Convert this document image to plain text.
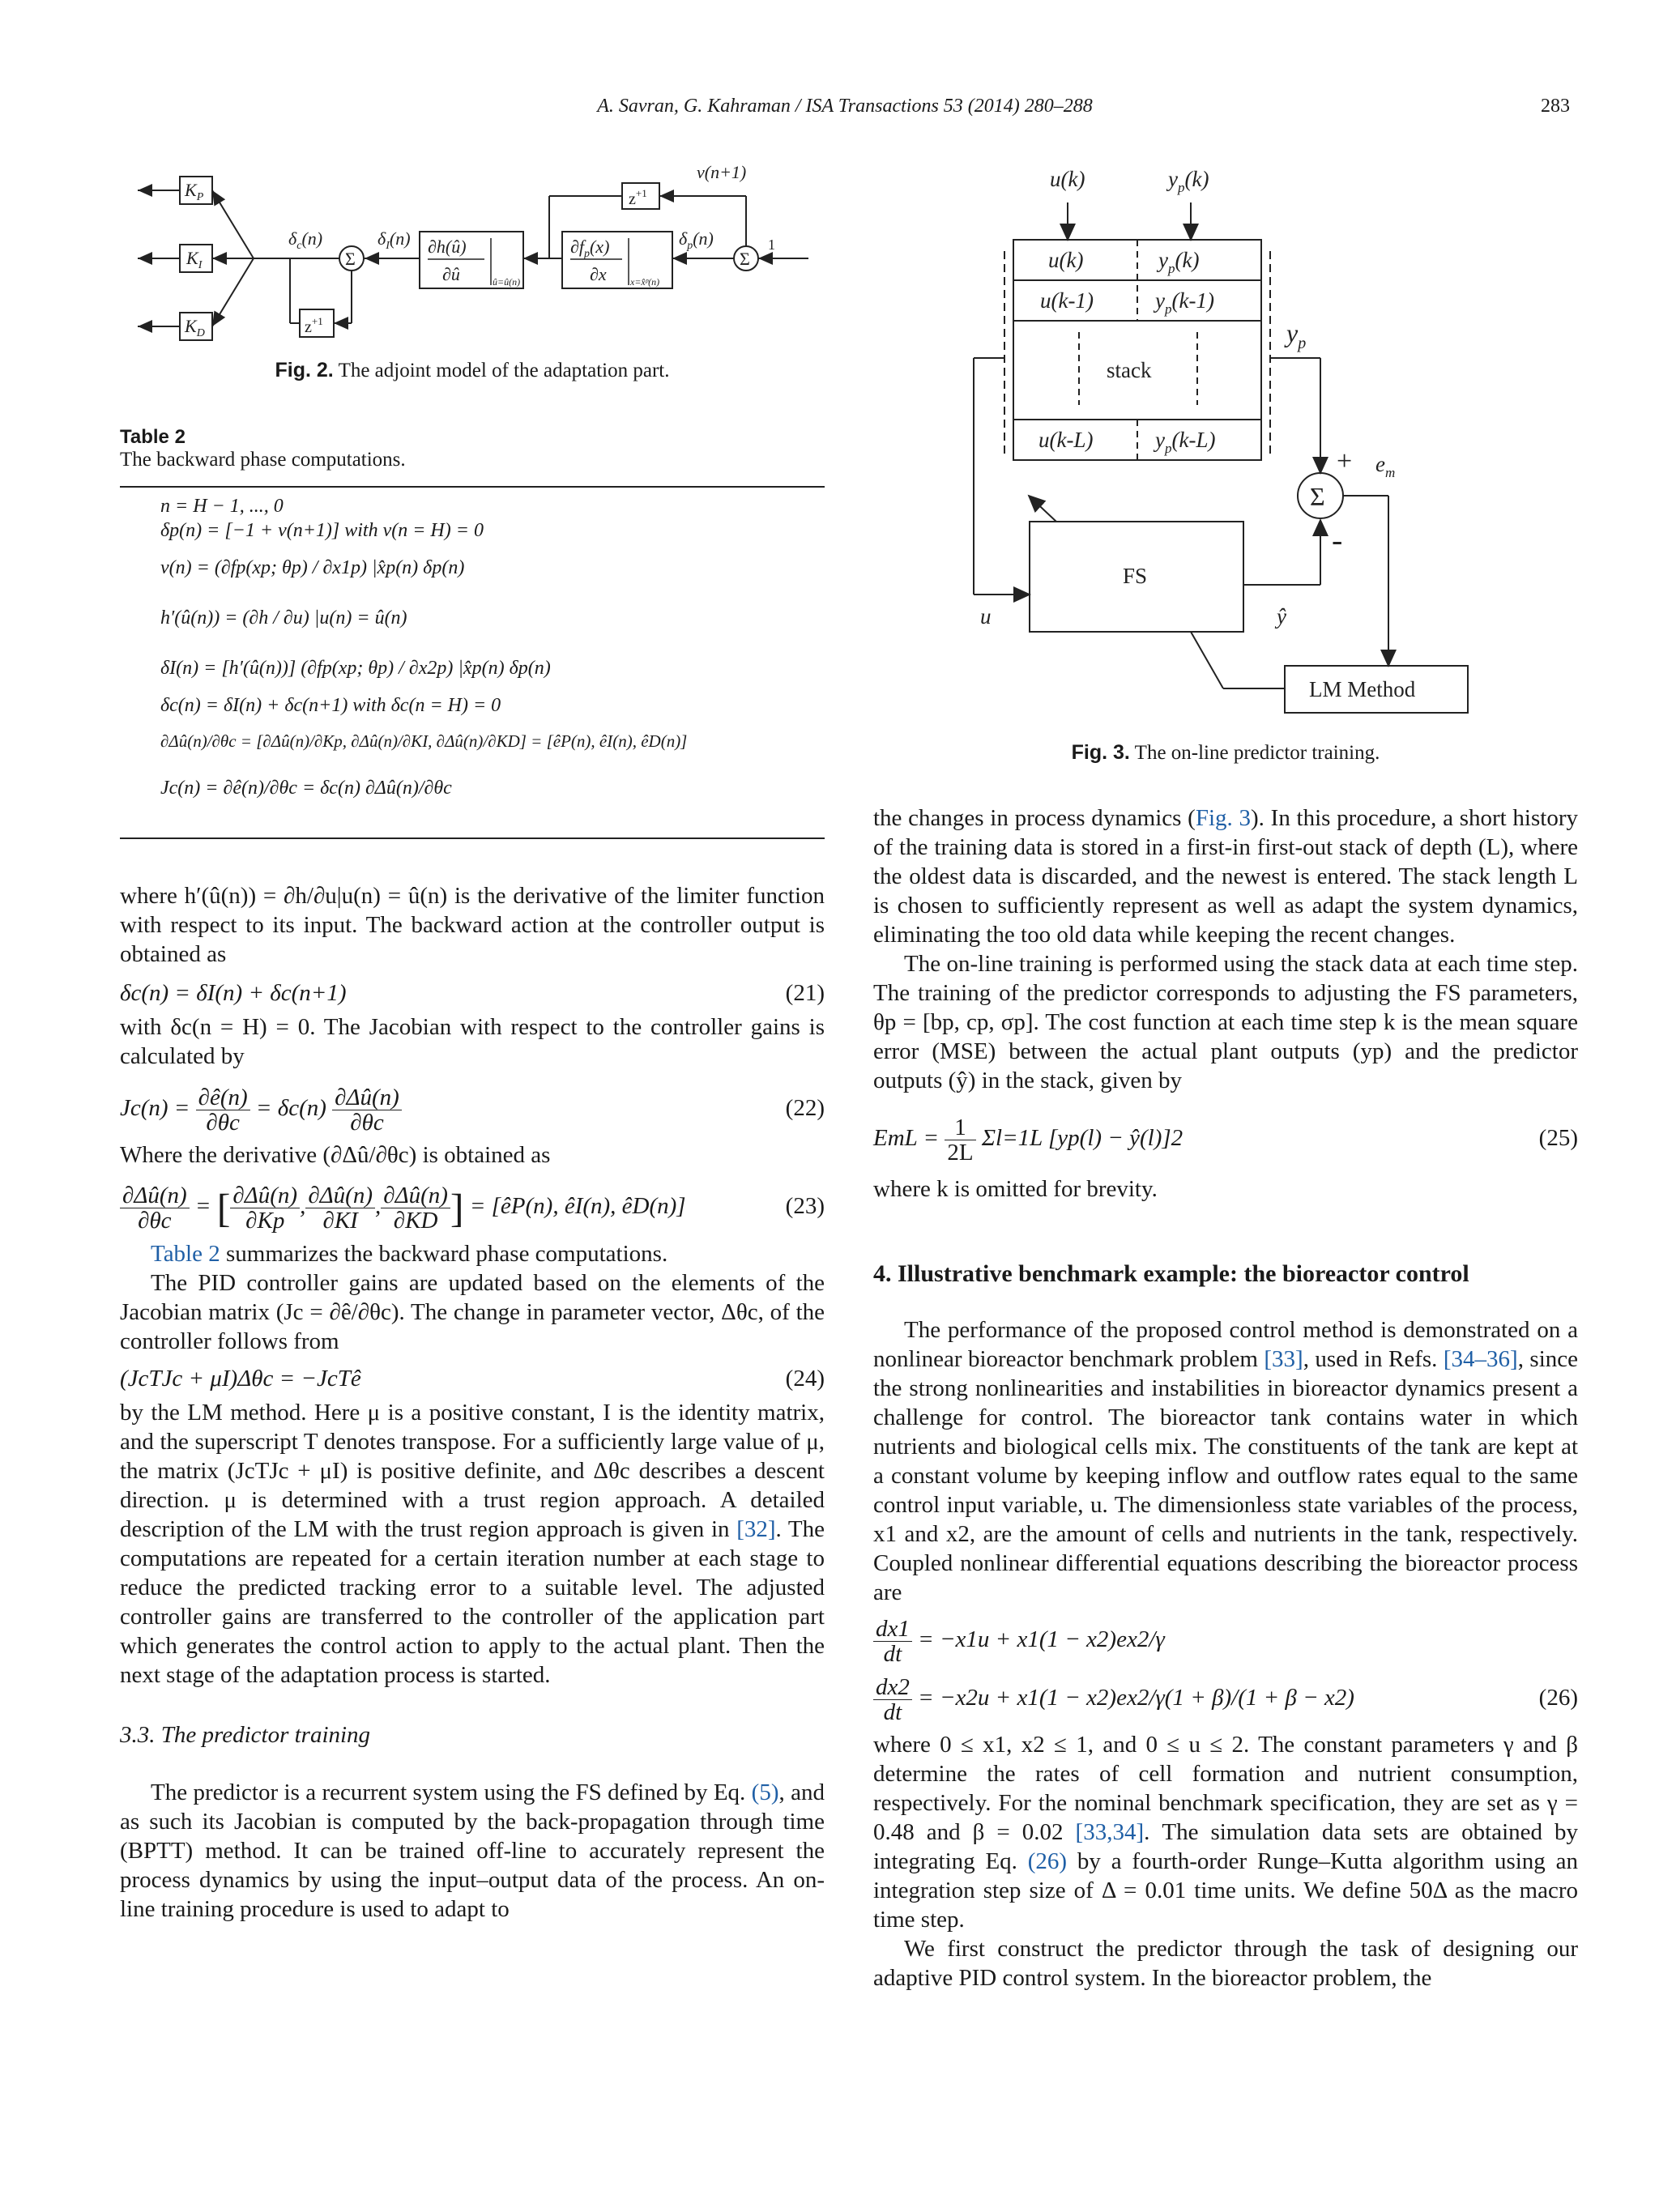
A. Savran, G. Kahraman / ISA Transactions 53 (2014) 280–288	283
$K_P$
$K_I$
$K_D$
$\delta_c(n)$	$\delta_I(n)$	$\delta_p(n)$
v(n+1)
∂h(û)
∂û
$\partial f_p(x)$
∂x
û=û(n)	x=x̂ᵖ(n)
Σ	Σ
$z^{+1}$
$z^{+1}$
1
Fig. 2. The adjoint model of the adaptation part.
Table 2
The backward phase computations.
n = H − 1, ..., 0
δp(n) = [−1 + v(n+1)] with v(n = H) = 0
v(n) = (∂fp(xp; θp) / ∂x1p) |x̂p(n) δp(n)
h′(û(n)) = (∂h / ∂u) |u(n) = û(n)
δI(n) = [h′(û(n))] (∂fp(xp; θp) / ∂x2p) |x̂p(n) δp(n)
δc(n) = δI(n) + δc(n+1) with δc(n = H) = 0
∂Δû(n)/∂θc = [∂Δû(n)/∂Kp, ∂Δû(n)/∂KI, ∂Δû(n)/∂KD] = [êP(n), êI(n), êD(n)]
Jc(n) = ∂ê(n)/∂θc = δc(n) ∂Δû(n)/∂θc

where h′(û(n)) = ∂h/∂u|u(n) = û(n) is the derivative of the limiter function with respect to its input. The backward action at the controller output is obtained as

δc(n) = δI(n) + δc(n+1)	(21)

with δc(n = H) = 0. The Jacobian with respect to the controller gains is calculated by

$Jc(n) = \frac{\partial ê(n)}{\partial\theta c} = \delta c(n) \frac{\partial\Delta û(n)}{\partial\theta c}$	(22)

Where the derivative (∂Δû/∂θc) is obtained as

$\frac{\partial\Delta û(n)}{\partial\theta c}$ = [ $\frac{\partial\Delta û(n)}{\partial Kp}$ , $\frac{\partial\Delta û(n)}{\partial KI}$ , $\frac{\partial\Delta û(n)}{\partial KD}$ ] = [êP(n), êI(n), êD(n)]	(23)

Table 2 summarizes the backward phase computations.

The PID controller gains are updated based on the elements of the Jacobian matrix (Jc = ∂ê/∂θc). The change in parameter vector, Δθc, of the controller follows from

(JcTJc + μI)Δθc = −JcTê	(24)

by the LM method. Here μ is a positive constant, I is the identity matrix, and the superscript T denotes transpose. For a sufficiently large value of μ, the matrix (JcTJc + μI) is positive definite, and Δθc describes a descent direction. μ is determined with a trust region approach. A detailed description of the LM with the trust region approach is given in [32]. The computations are repeated for a certain iteration number at each stage to reduce the predicted tracking error to a suitable level. The adjusted controller gains are transferred to the controller of the application part which generates the control action to apply to the actual plant. Then the next stage of the adaptation process is started.

3.3. The predictor training

The predictor is a recurrent system using the FS defined by Eq. (5), and as such its Jacobian is computed by the back-propagation through time (BPTT) method. It can be trained off-line to accurately represent the process dynamics by using the input–output data of the process. An on-line training procedure is used to adapt to

u(k)	$y_p(k)$
u(k)	$y_p(k)$
u(k-1)	$y_p(k-1)$
u(k-L)	$y_p(k-L)$
$y_p$
$e_m$
u	ŷ
stack
Σ
+
-
FS
LM Method
Fig. 3. The on-line predictor training.

the changes in process dynamics (Fig. 3). In this procedure, a short history of the training data is stored in a first-in first-out stack of depth (L), where the oldest data is discarded, and the newest is entered. The stack length L is chosen to sufficiently represent as well as adapt the system dynamics, eliminating the too old data while keeping the recent changes.

The on-line training is performed using the stack data at each time step. The training of the predictor corresponds to adjusting the FS parameters, θp = [bp, cp, σp]. The cost function at each time step k is the mean square error (MSE) between the actual plant outputs (yp) and the predictor outputs (ŷ) in the stack, given by

EmL = $\frac{1}{2L} \Sigma l=1L$ [yp(l) − ŷ(l)]2	(25)

where k is omitted for brevity.

4. Illustrative benchmark example: the bioreactor control

The performance of the proposed control method is demonstrated on a nonlinear bioreactor benchmark problem [33], used in Refs. [34–36], since the strong nonlinearities and instabilities in bioreactor dynamics present a challenge for control. The bioreactor tank contains water in which nutrients and biological cells mix. The constituents of the tank are kept at a constant volume by keeping inflow and outflow rates equal to the same control input variable, u. The dimensionless state variables of the process, x1 and x2, are the amount of cells and nutrients in the tank, respectively. Coupled nonlinear differential equations describing the bioreactor process are

$\frac{dx1}{dt} = -x1u + x1(1 - x2)ex2/\gamma$
$\frac{dx2}{dt} = -x2u + x1(1 - x2)ex2/\gamma(1 + \beta)/(1 + \beta - x2)$	(26)

where 0 ≤ x1, x2 ≤ 1, and 0 ≤ u ≤ 2. The constant parameters γ and β determine the rates of cell formation and nutrient consumption, respectively. For the nominal benchmark specification, they are set as γ = 0.48 and β = 0.02 [33,34]. The simulation data sets are obtained by integrating Eq. (26) by a fourth-order Runge–Kutta algorithm using an integration step size of Δ = 0.01 time units. We define 50Δ as the macro time step.

We first construct the predictor through the task of designing our adaptive PID control system. In the bioreactor problem, the
